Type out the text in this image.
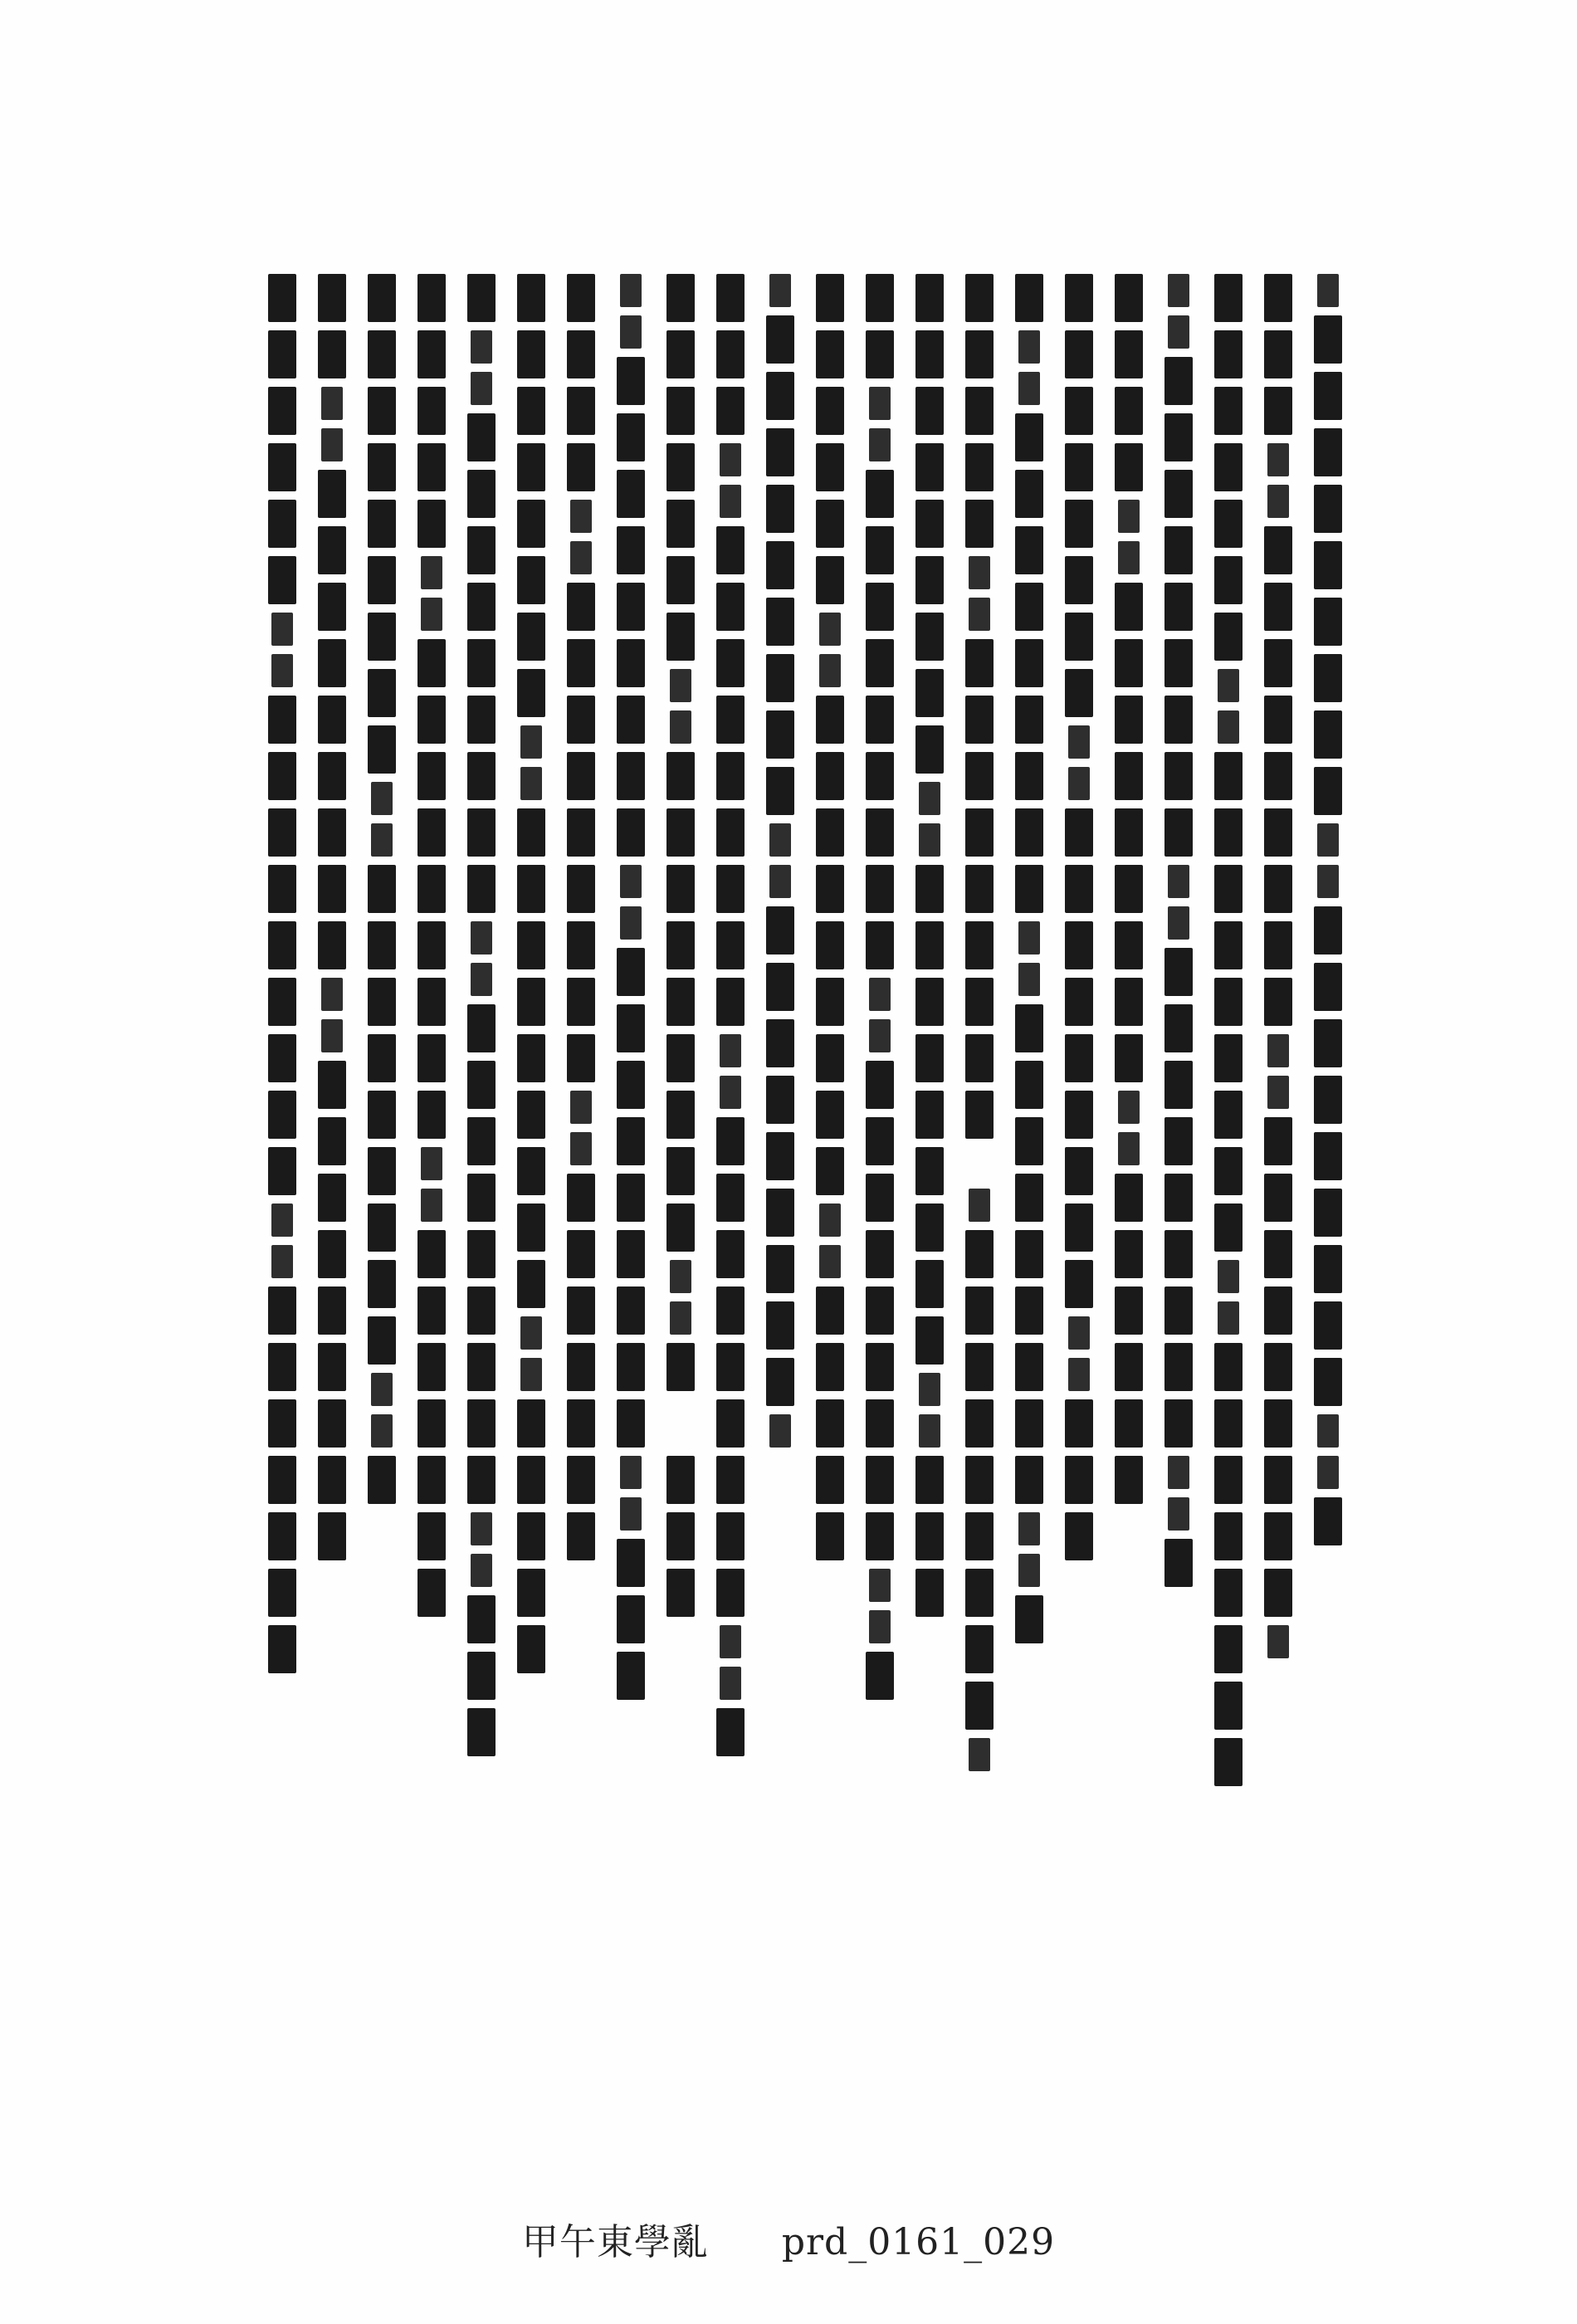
甲午東學亂 prd_0161_029
